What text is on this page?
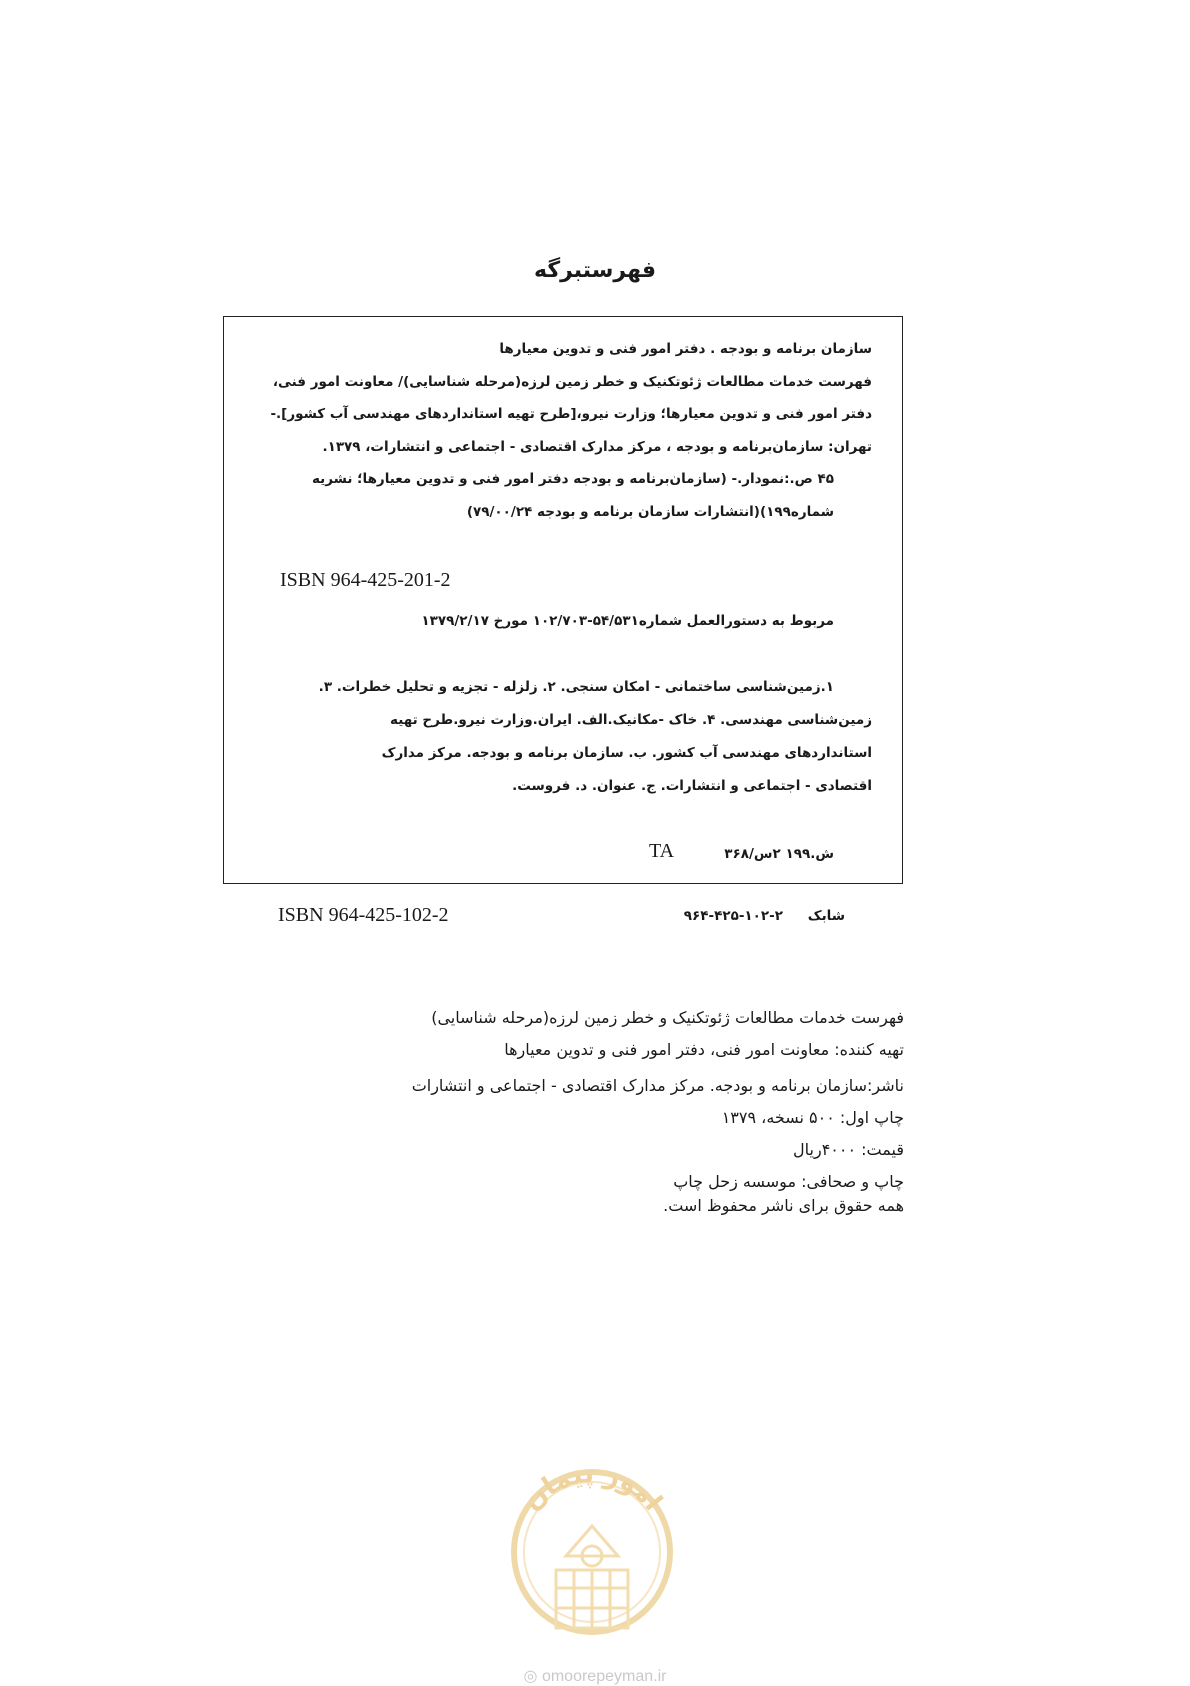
فهرستبرگه
سازمان برنامه و بودجه . دفتر امور فنی و تدوین معیارها
فهرست خدمات مطالعات ژئوتکنیک و خطر زمین لرزه(مرحله شناسایی)/ معاونت امور فنی،
دفتر امور فنی و تدوین معیارها؛ وزارت نیرو،[طرح تهیه استانداردهای مهندسی آب کشور].-
تهران: سازمان‌برنامه و بودجه ، مرکز مدارک اقتصادی - اجتماعی و انتشارات، ۱۳۷۹.
۴۵ ص.:نمودار.- (سازمان‌برنامه و بودجه دفتر امور فنی و تدوین معیارها؛ نشریه
شماره۱۹۹)(انتشارات سازمان برنامه و بودجه ۷۹/۰۰/۲۴)
ISBN 964-425-201-2
مربوط به دستورالعمل شماره۵۴/۵۳۱-۱۰۲/۷۰۳ مورخ ۱۳۷۹/۲/۱۷
۱.زمین‌شناسی ساختمانی - امکان سنجی. ۲. زلزله - تجزیه و تحلیل خطرات. ۳.
زمین‌شناسی مهندسی. ۴. خاک -مکانیک.الف. ایران.وزارت نیرو.طرح تهیه
استانداردهای مهندسی آب کشور. ب. سازمان برنامه و بودجه. مرکز مدارک
اقتصادی - اجتماعی و انتشارات. ج. عنوان. د. فروست.
ش.۱۹۹ ۲س/۳۶۸
TA
ISBN 964-425-102-2	شابک
۹۶۴-۴۲۵-۱۰۲-۲
فهرست خدمات مطالعات ژئوتکنیک و خطر زمین لرزه(مرحله شناسایی)
تهیه کننده: معاونت امور فنی، دفتر امور فنی و تدوین معیارها
ناشر:سازمان برنامه و بودجه. مرکز مدارک اقتصادی - اجتماعی و انتشارات
چاپ اول: ۵۰۰ نسخه، ۱۳۷۹
قیمت: ۴۰۰۰ریال
چاپ و صحافی: موسسه زحل چاپ
همه حقوق برای ناشر محفوظ است.
امور پیمان
◎ omoorepeyman.ir
